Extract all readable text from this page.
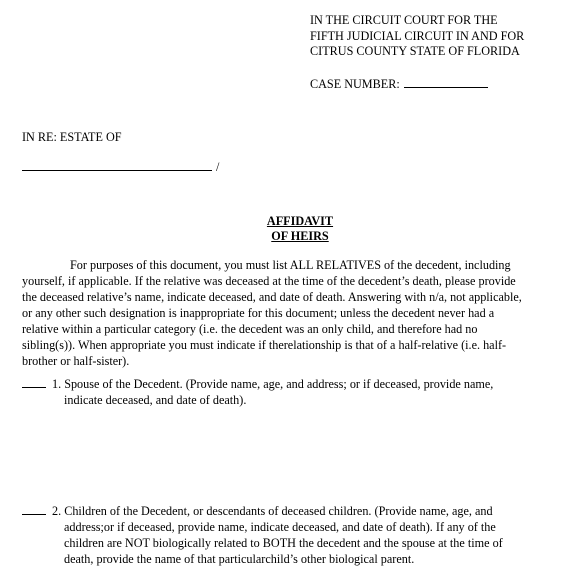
IN THE CIRCUIT COURT FOR THE
FIFTH JUDICIAL CIRCUIT IN AND FOR
CITRUS COUNTY STATE OF FLORIDA
CASE NUMBER:
IN RE: ESTATE OF
/
AFFIDAVIT
OF HEIRS
For purposes of this document, you must list ALL RELATIVES of the decedent, including
yourself, if applicable. If the relative was deceased at the time of the decedent’s death, please provide
the deceased relative’s name, indicate deceased, and date of death. Answering with n/a, not applicable,
or any other such designation is inappropriate for this document; unless the decedent never had a
relative within a particular category (i.e. the decedent was an only child, and therefore had no
sibling(s)). When appropriate you must indicate if therelationship is that of a half-relative (i.e. half-
brother or half-sister).
1. Spouse of the Decedent. (Provide name, age, and address; or if deceased, provide name,
indicate deceased, and date of death).
2. Children of the Decedent, or descendants of deceased children. (Provide name, age, and
address;or if deceased, provide name, indicate deceased, and date of death). If any of the
children are NOT biologically related to BOTH the decedent and the spouse at the time of
death, provide the name of that particularchild’s other biological parent.
